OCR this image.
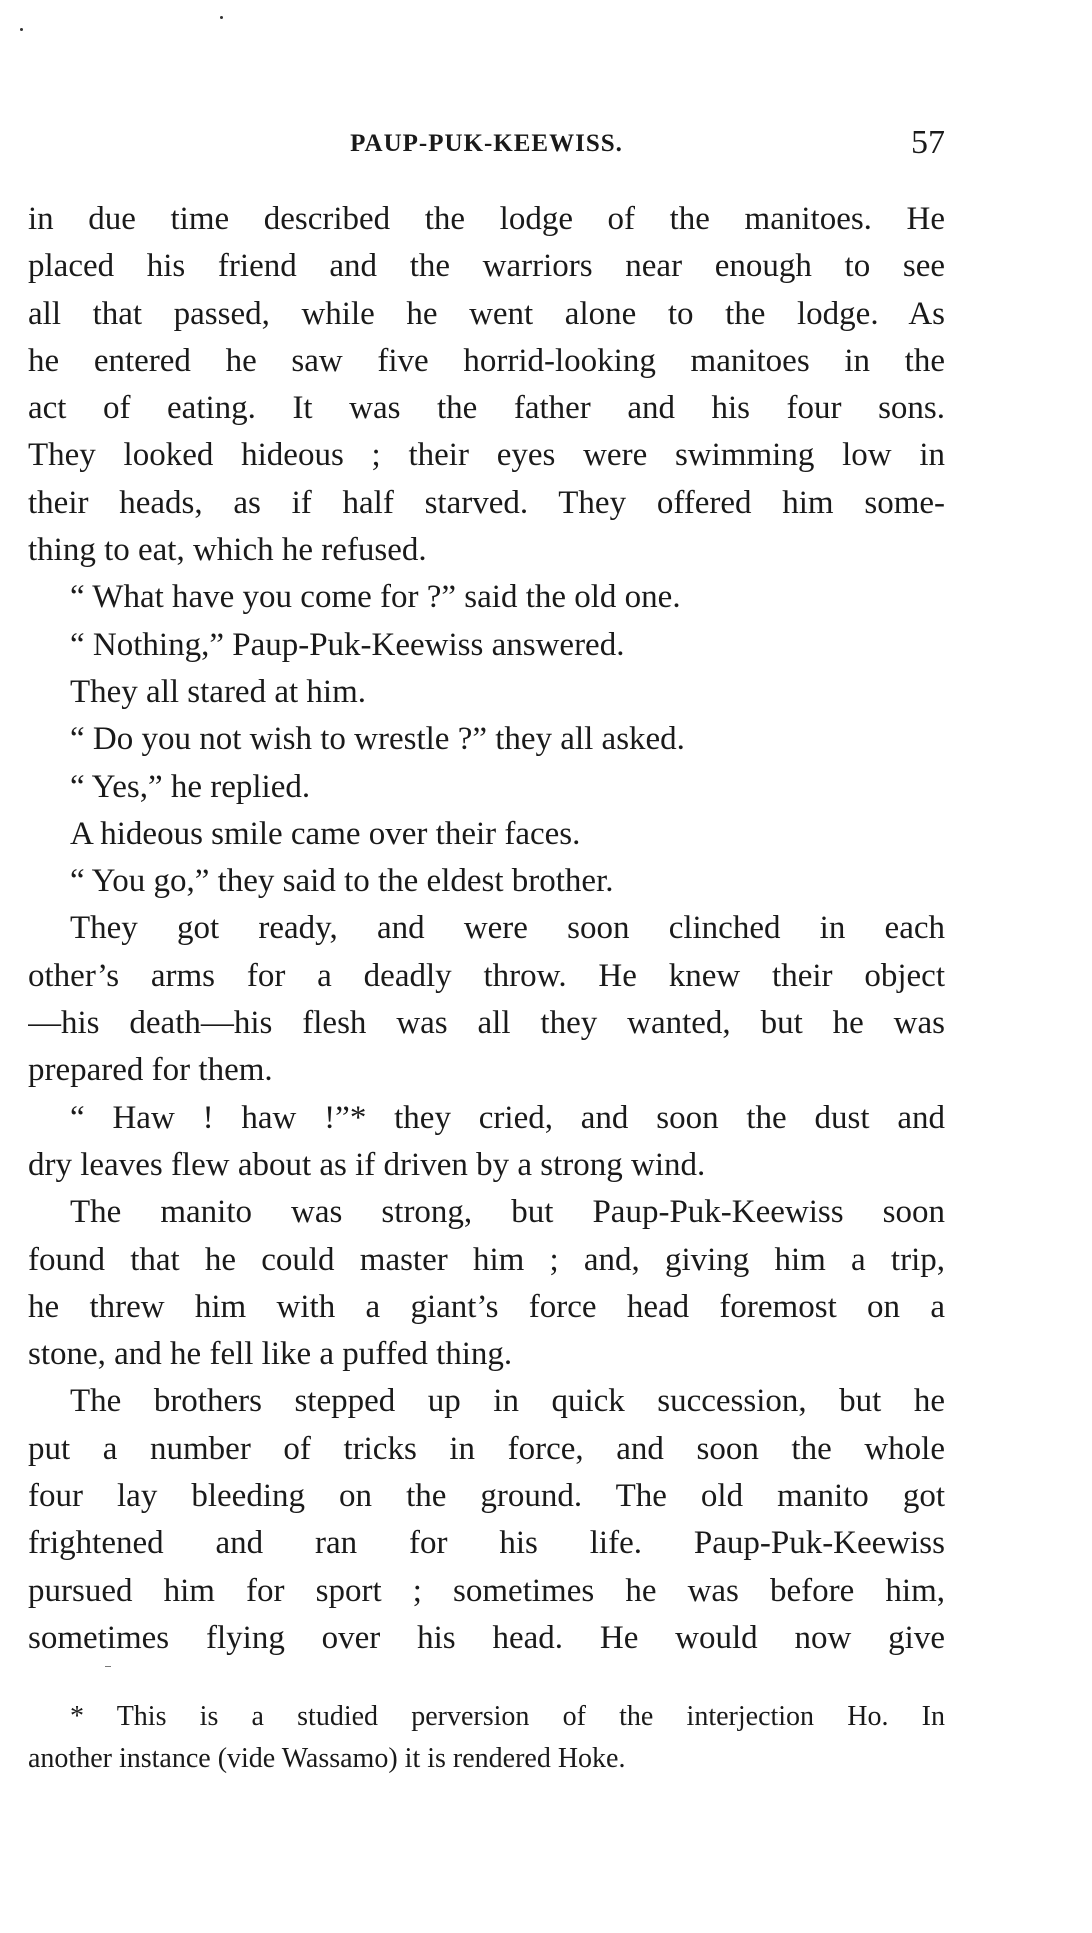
PAUP-PUK-KEEWISS.	57
in due time described the lodge of the manitoes. He
placed his friend and the warriors near enough to see
all that passed, while he went alone to the lodge. As
he entered he saw five horrid-looking manitoes in the
act of eating. It was the father and his four sons.
They looked hideous ; their eyes were swimming low in
their heads, as if half starved. They offered him some-
thing to eat, which he refused.
“ What have you come for ?” said the old one.
“ Nothing,” Paup-Puk-Keewiss answered.
They all stared at him.
“ Do you not wish to wrestle ?” they all asked.
“ Yes,” he replied.
A hideous smile came over their faces.
“ You go,” they said to the eldest brother.
They got ready, and were soon clinched in each
other’s arms for a deadly throw. He knew their object
—his death—his flesh was all they wanted, but he was
prepared for them.
“ Haw ! haw !”* they cried, and soon the dust and
dry leaves flew about as if driven by a strong wind.
The manito was strong, but Paup-Puk-Keewiss soon
found that he could master him ; and, giving him a trip,
he threw him with a giant’s force head foremost on a
stone, and he fell like a puffed thing.
The brothers stepped up in quick succession, but he
put a number of tricks in force, and soon the whole
four lay bleeding on the ground. The old manito got
frightened and ran for his life. Paup-Puk-Keewiss
pursued him for sport ; sometimes he was before him,
sometimes flying over his head. He would now give
* This is a studied perversion of the interjection Ho. In
another instance (vide Wassamo) it is rendered Hoke.
